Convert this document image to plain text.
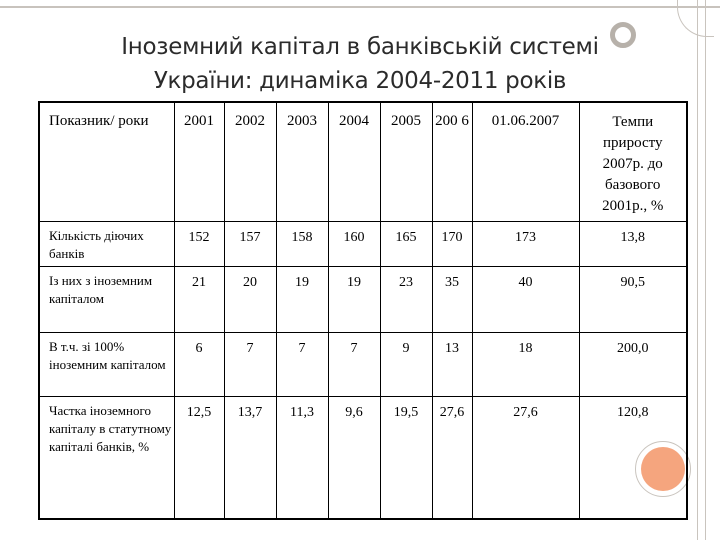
Іноземний капітал в банківській системі
України: динаміка 2004-2011 років
Показник/ роки	2001	2002	2003	2004	2005	200 6	01.06.2007	Темпи приросту 2007р. до базового 2001р., %
Кількість діючих банків	152	157	158	160	165	170	173	13,8
Із них з іноземним капіталом	21	20	19	19	23	35	40	90,5
В т.ч. зі 100% іноземним капіталом	6	7	7	7	9	13	18	200,0
Частка іноземного капіталу в статутному капіталі банків, %	12,5	13,7	11,3	9,6	19,5	27,6	27,6	120,8
